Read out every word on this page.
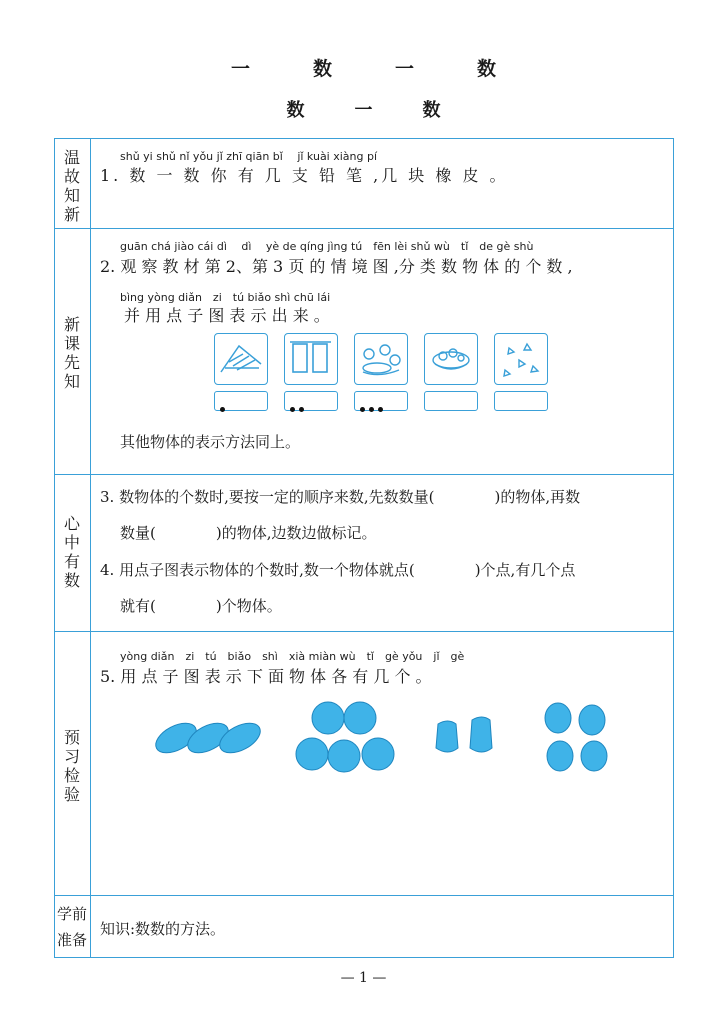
一　数　一　数
数　一　数
温
故
知
新
新
课
先
知
心
中
有
数
预
习
检
验
学前
准备
shǔ yi shǔ nǐ yǒu jǐ zhī qiān bǐ　 jǐ kuài xiàng pí
1. 数 一 数 你 有 几 支 铅 笔 ,几 块 橡 皮 。
guān chá jiào cái dì　 dì　 yè de qíng jìng tú　fēn lèi shǔ wù　tǐ　de gè shù
2. 观 察 教 材 第 2、第 3 页 的 情 境 图 ,分 类 数 物 体 的 个 数 ,
bìng yòng diǎn　zi　tú biǎo shì chū lái
并 用 点 子 图 表 示 出 来 。
其他物体的表示方法同上。
3. 数物体的个数时,要按一定的顺序来数,先数数量(　　　　)的物体,再数
数量(　　　　)的物体,边数边做标记。
4. 用点子图表示物体的个数时,数一个物体就点(　　　　)个点,有几个点
就有(　　　　)个物体。
yòng diǎn　zi　tú　biǎo　shì　xià miàn wù　tǐ　gè yǒu　jǐ　gè
5. 用 点 子 图 表 示 下 面 物 体 各 有 几 个 。
知识:数数的方法。
— 1 —
